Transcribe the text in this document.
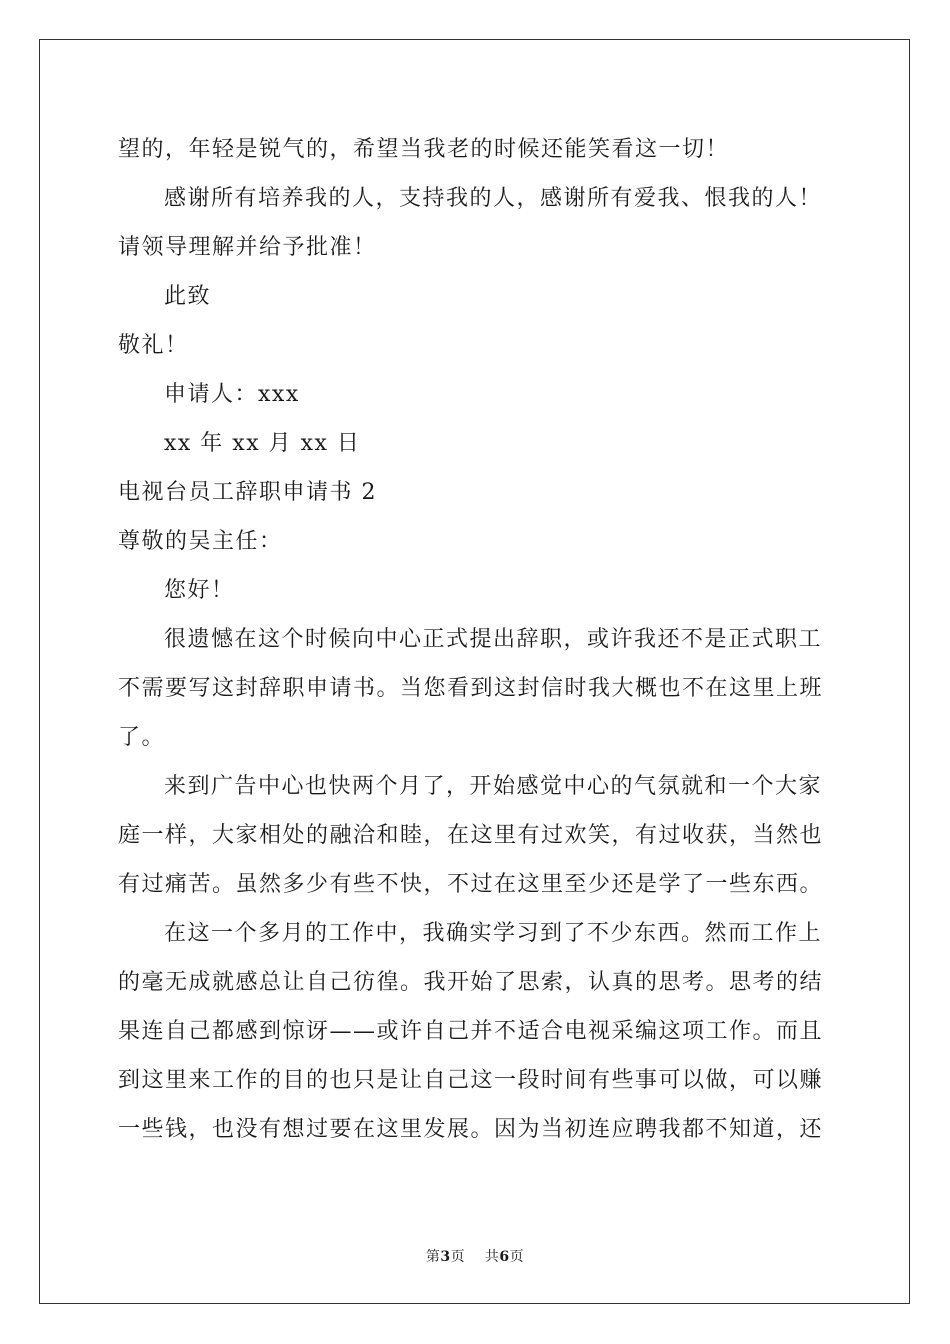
望的，年轻是锐气的，希望当我老的时候还能笑看这一切！
感谢所有培养我的人，支持我的人，感谢所有爱我、恨我的人！
请领导理解并给予批准！
此致
敬礼！
申请人：xxx
xx 年 xx 月 xx 日
电视台员工辞职申请书 2
尊敬的吴主任：
您好！
很遗憾在这个时候向中心正式提出辞职，或许我还不是正式职工
不需要写这封辞职申请书。当您看到这封信时我大概也不在这里上班
了。
来到广告中心也快两个月了，开始感觉中心的气氛就和一个大家
庭一样，大家相处的融洽和睦，在这里有过欢笑，有过收获，当然也
有过痛苦。虽然多少有些不快，不过在这里至少还是学了一些东西。
在这一个多月的工作中，我确实学习到了不少东西。然而工作上
的毫无成就感总让自己彷徨。我开始了思索，认真的思考。思考的结
果连自己都感到惊讶——或许自己并不适合电视采编这项工作。而且
到这里来工作的目的也只是让自己这一段时间有些事可以做，可以赚
一些钱，也没有想过要在这里发展。因为当初连应聘我都不知道，还
第3页 共6页
